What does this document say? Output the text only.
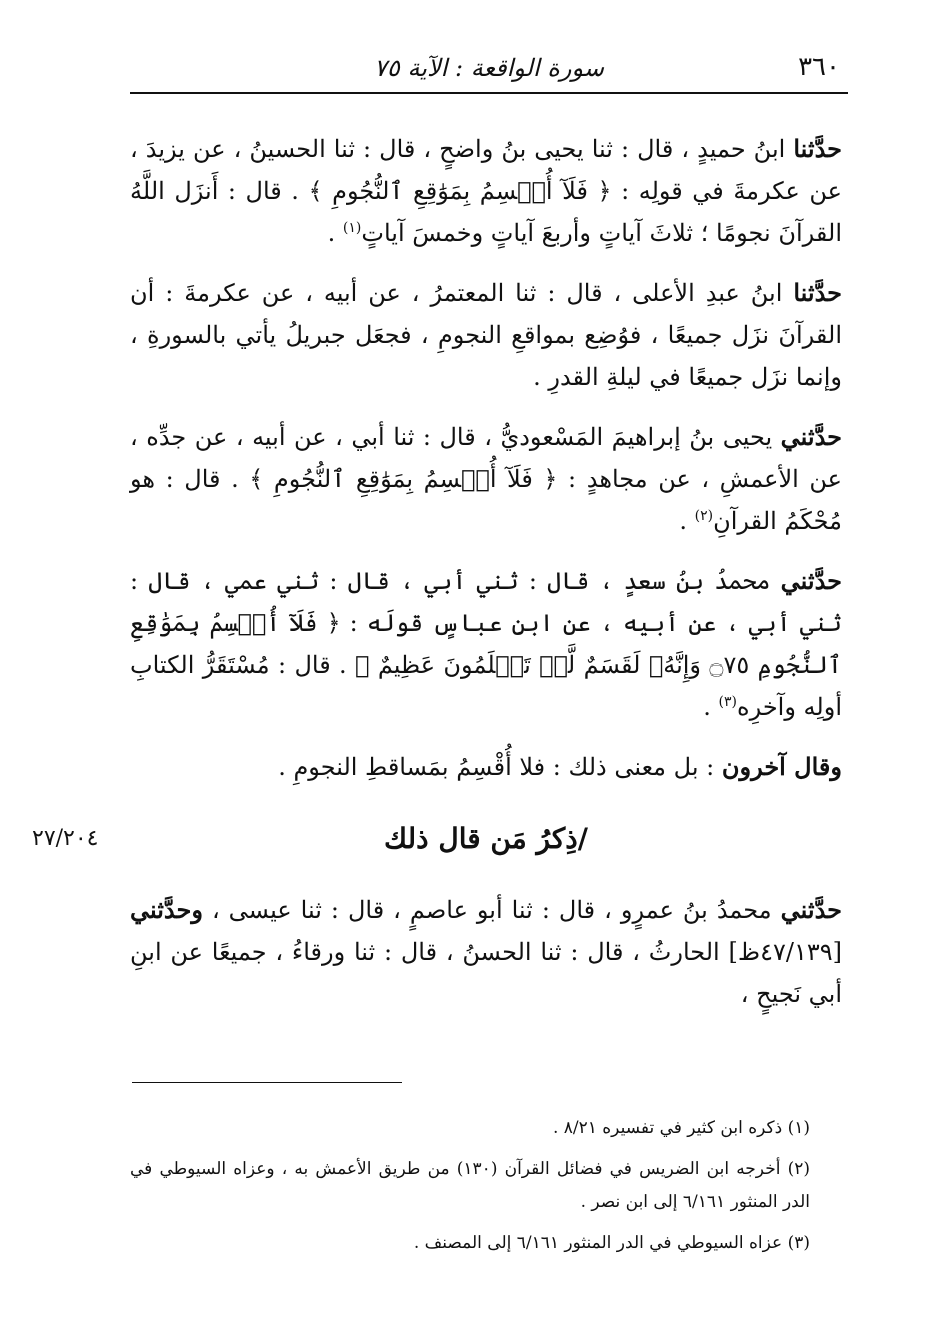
٣٦٠
سورة الواقعة : الآية ٧٥

حدَّثنا ابنُ حميدٍ ، قال : ثنا يحيى بنُ واضحٍ ، قال : ثنا الحسينُ ، عن يزيدَ ، عن عكرمةَ في قولِه : ﴿ فَلَآ أُقۡسِمُ بِمَوَٰقِعِ ٱلنُّجُومِ ﴾ . قال : أَنزَل اللَّهُ القرآنَ نجومًا ؛ ثلاثَ آياتٍ وأربعَ آياتٍ وخمسَ آياتٍ$^{(١)}$ .

حدَّثنا ابنُ عبدِ الأعلى ، قال : ثنا المعتمرُ ، عن أبيه ، عن عكرمةَ : أن القرآنَ نزَل جميعًا ، فوُضِع بمواقعِ النجومِ ، فجعَل جبريلُ يأتي بالسورةِ ، وإنما نزَل جميعًا في ليلةِ القدرِ .

حدَّثني يحيى بنُ إبراهيمَ المَسْعوديُّ ، قال : ثنا أبي ، عن أبيه ، عن جدِّه ، عن الأعمشِ ، عن مجاهدٍ : ﴿ فَلَآ أُقۡسِمُ بِمَوَٰقِعِ ٱلنُّجُومِ ﴾ . قال : هو مُحْكَمُ القرآنِ$^{(٢)}$ .

حدَّثني محمدُ بنُ سعدٍ ، قال : ثني أبي ، قال : ثني عمي ، قال : ثني أبي ، عن أبيه ، عن ابنِ عباسٍ قولَه : ﴿ فَلَآ أُقۡسِمُ بِمَوَٰقِعِ ٱلنُّجُومِ ۝٧٥ وَإِنَّهُۥ لَقَسَمٌ لَّوۡ تَعۡلَمُونَ عَظِيمٌ ﴾ . قال : مُسْتَقَرُّ الكتابِ أولِه وآخرِه$^{(٣)}$ .

وقال آخرون : بل معنى ذلك : فلا أُقْسِمُ بمَساقطِ النجومِ .

/ذِكرُ مَن قال ذلك
٢٧/٢٠٤

حدَّثني محمدُ بنُ عمرٍو ، قال : ثنا أبو عاصمٍ ، قال : ثنا عيسى ، وحدَّثني [٤٧/١٣٩ظ] الحارثُ ، قال : ثنا الحسنُ ، قال : ثنا ورقاءُ ، جميعًا عن ابنِ أبي نَجيحٍ ،

(١) ذكره ابن كثير في تفسيره ٨/٢١ .

(٢) أخرجه ابن الضريس في فضائل القرآن (١٣٠) من طريق الأعمش به ، وعزاه السيوطي في الدر المنثور ٦/١٦١ إلى ابن نصر .

(٣) عزاه السيوطي في الدر المنثور ٦/١٦١ إلى المصنف .
